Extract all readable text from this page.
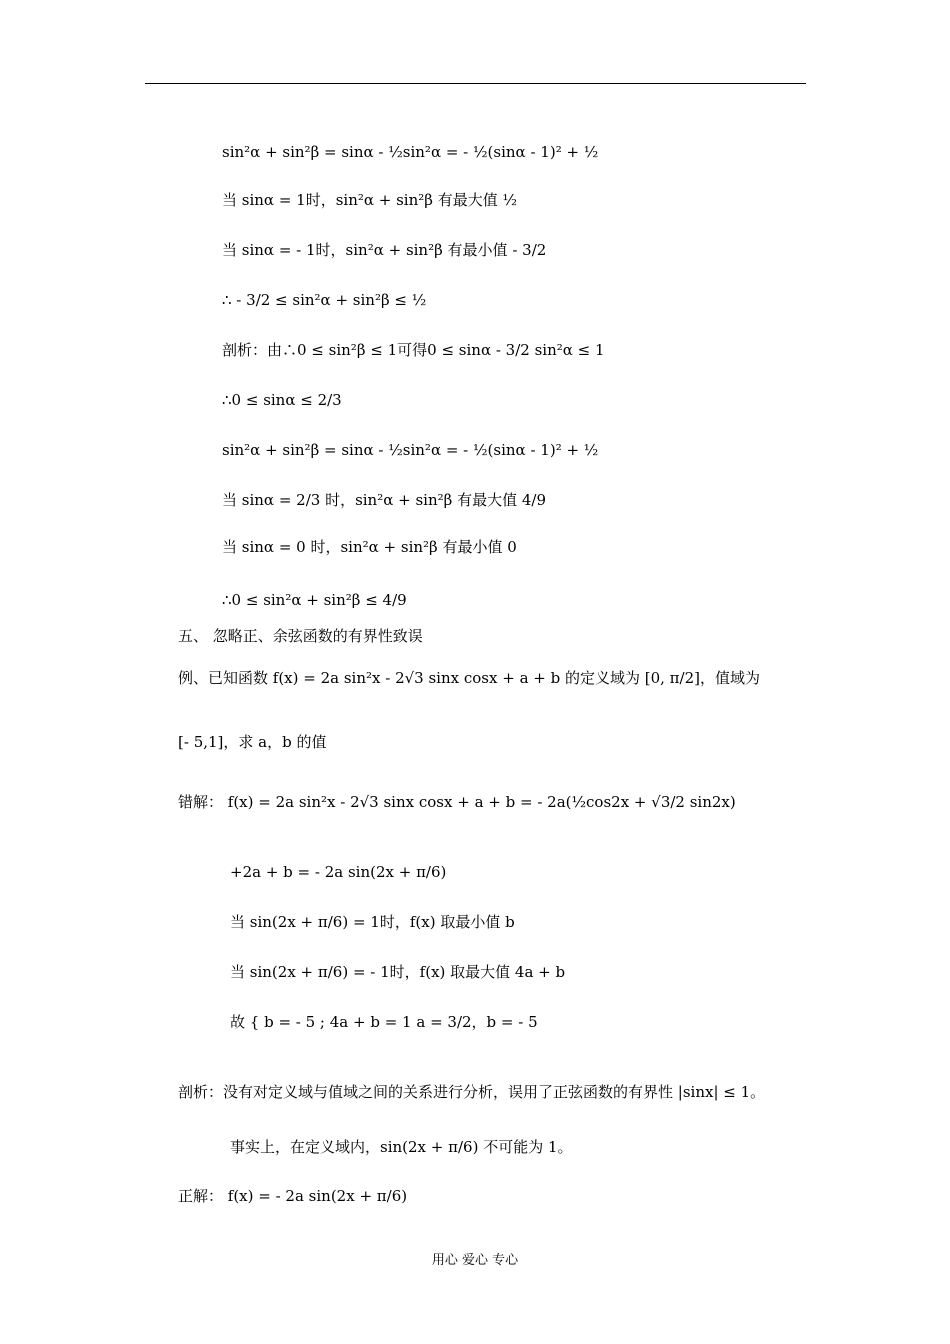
sin²α + sin²β = sinα - ½sin²α = - ½(sinα - 1)² + ½
当 sinα = 1时，sin²α + sin²β 有最大值 ½
当 sinα = - 1时，sin²α + sin²β 有最小值 - 3/2
∴ - 3/2 ≤ sin²α + sin²β ≤ ½
剖析：由∴0 ≤ sin²β ≤ 1可得0 ≤ sinα - 3/2 sin²α ≤ 1
∴0 ≤ sinα ≤ 2/3
sin²α + sin²β = sinα - ½sin²α = - ½(sinα - 1)² + ½
当 sinα = 2/3 时，sin²α + sin²β 有最大值 4/9
当 sinα = 0 时，sin²α + sin²β 有最小值 0
∴0 ≤ sin²α + sin²β ≤ 4/9
五、 忽略正、余弦函数的有界性致误
例、已知函数 f(x) = 2a sin²x - 2√3 sinx cosx + a + b 的定义域为 [0, π/2]，值域为
[- 5,1]，求 a，b 的值
错解： f(x) = 2a sin²x - 2√3 sinx cosx + a + b = - 2a(½cos2x + √3/2 sin2x)
+2a + b = - 2a sin(2x + π/6)
当 sin(2x + π/6) = 1时，f(x) 取最小值 b
当 sin(2x + π/6) = - 1时，f(x) 取最大值 4a + b
故 { b = - 5 ; 4a + b = 1 a = 3/2，b = - 5
剖析：没有对定义域与值域之间的关系进行分析，误用了正弦函数的有界性 |sinx| ≤ 1。
事实上，在定义域内，sin(2x + π/6) 不可能为 1。
正解： f(x) = - 2a sin(2x + π/6)
用心 爱心 专心
